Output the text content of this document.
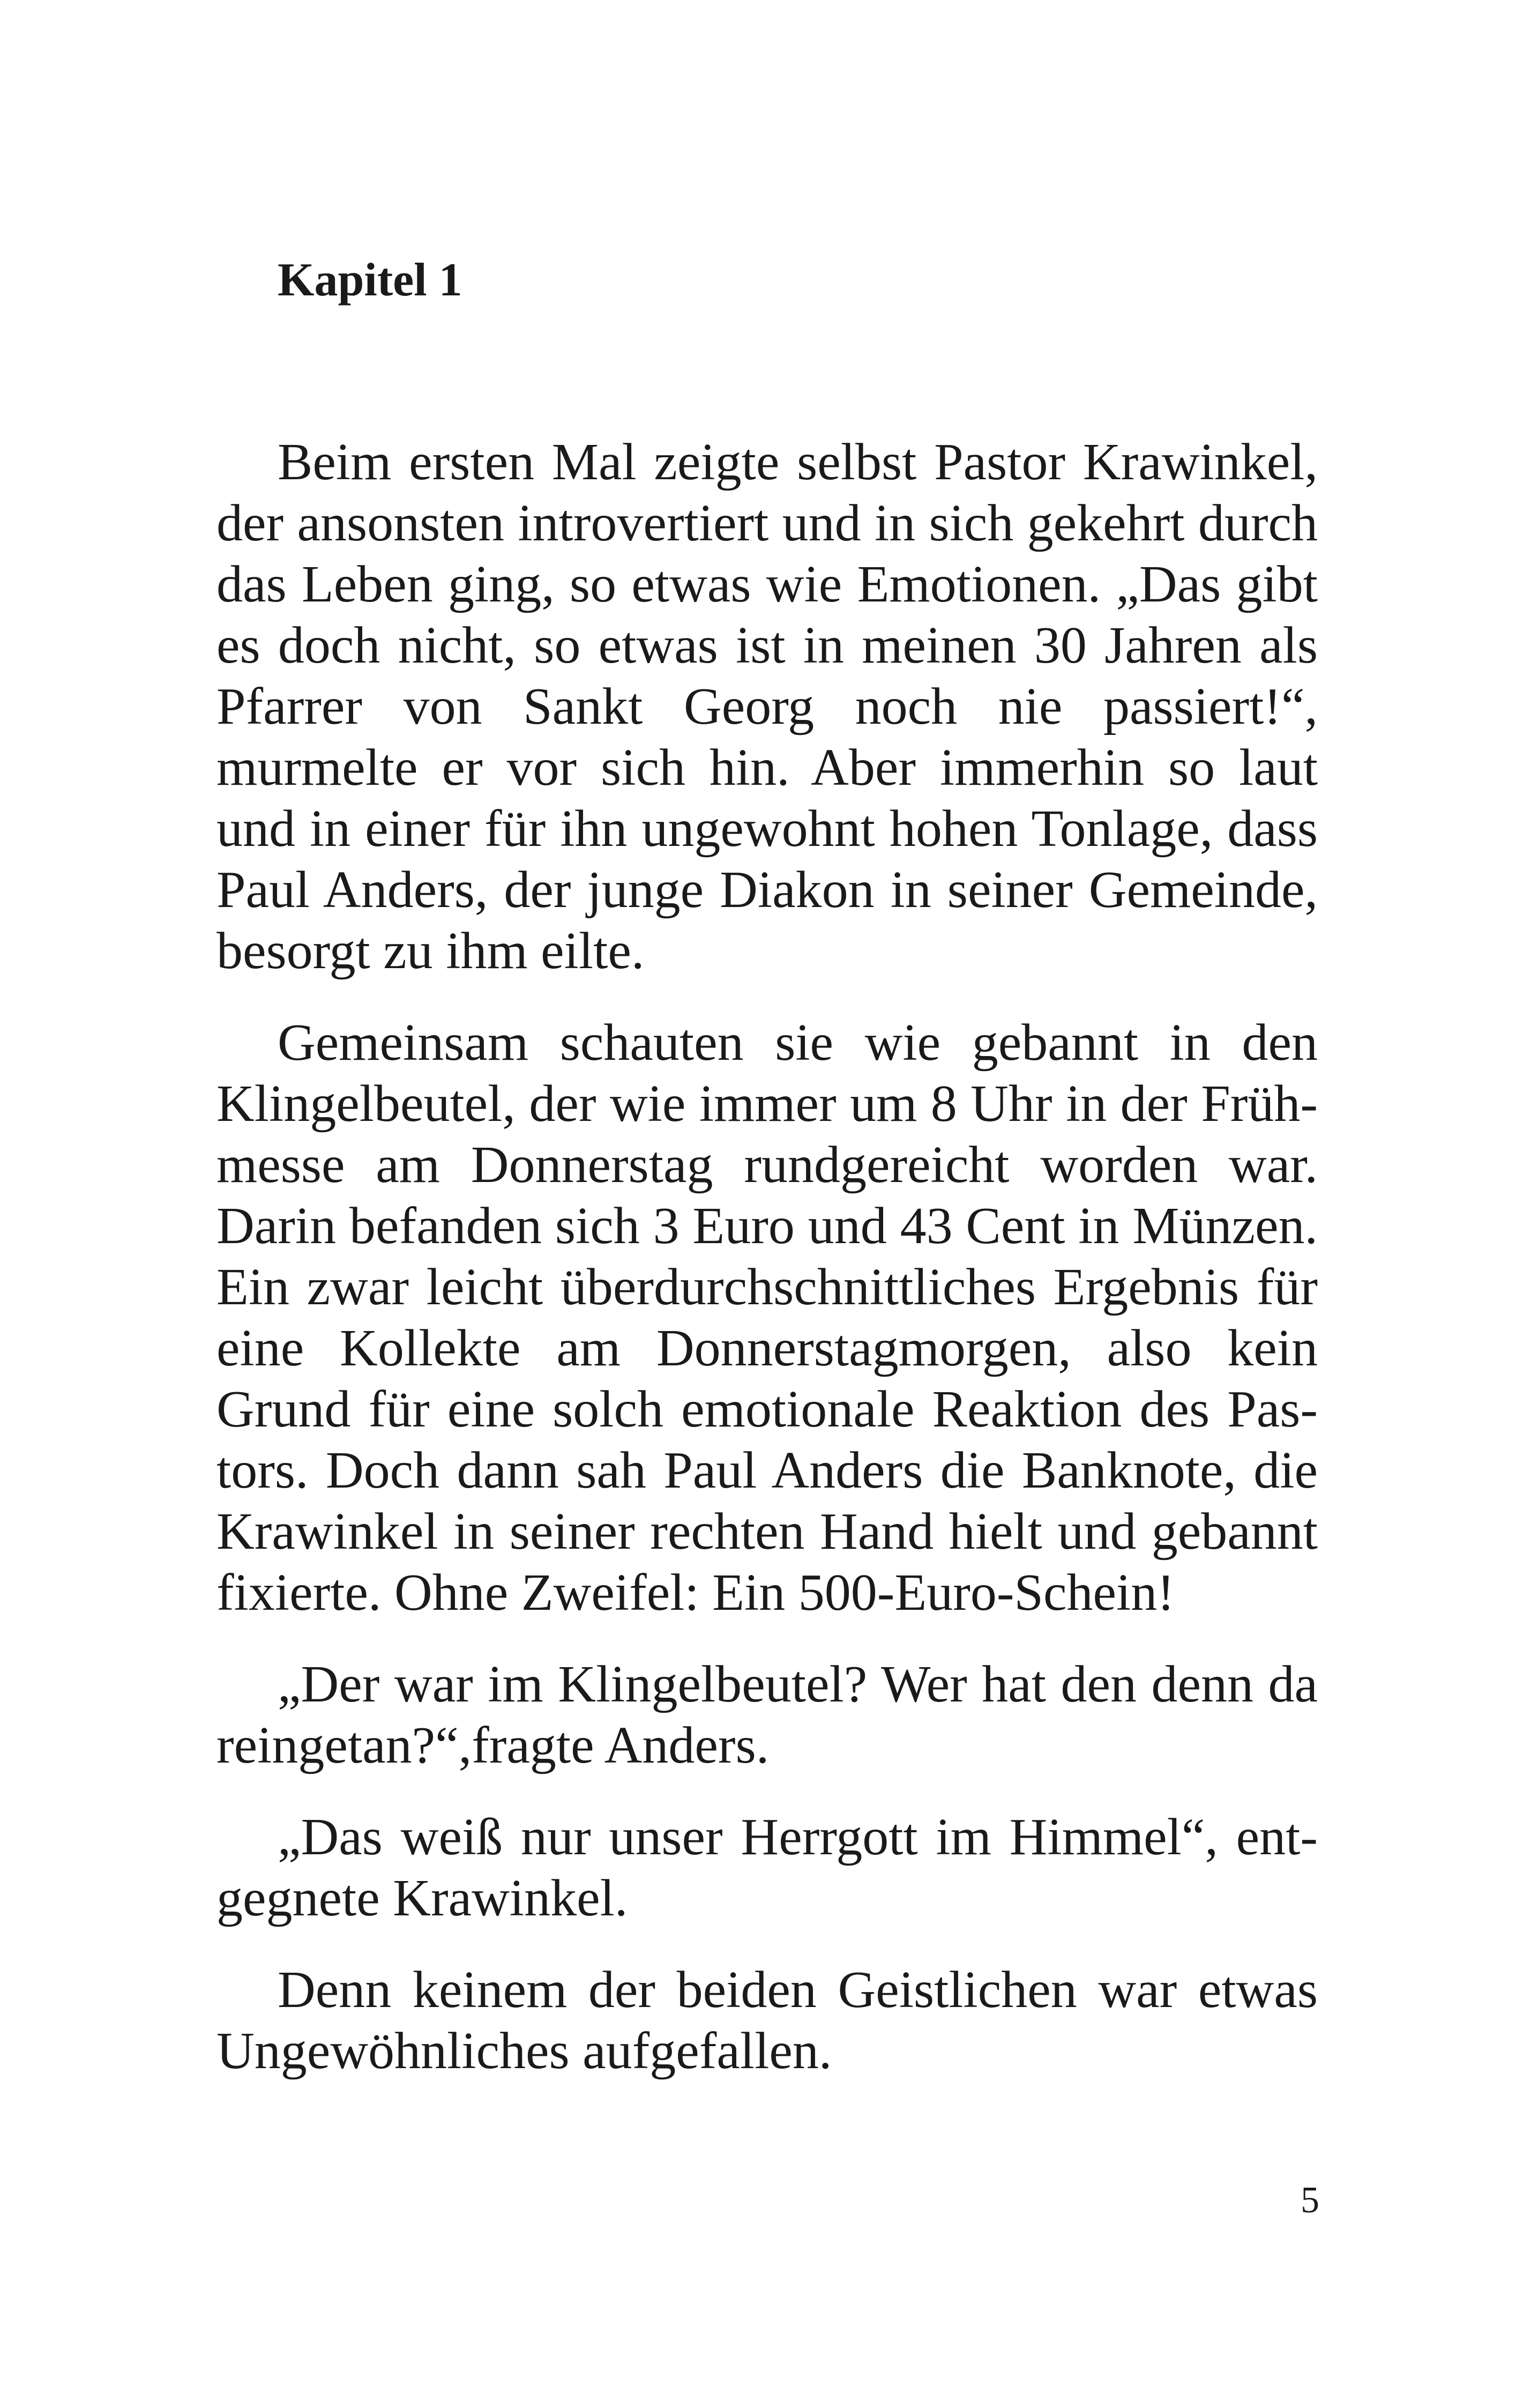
Kapitel 1

Beim ersten Mal zeigte selbst Pastor Krawinkel, der ansonsten introvertiert und in sich gekehrt durch das Leben ging, so etwas wie Emotionen. „Das gibt es doch nicht, so etwas ist in meinen 30 Jahren als Pfarrer von Sankt Georg noch nie passiert!“, murmelte er vor sich hin. Aber immerhin so laut und in einer für ihn ungewohnt hohen Tonlage, dass Paul Anders, der junge Diakon in seiner Gemeinde, besorgt zu ihm eilte.

Gemeinsam schauten sie wie gebannt in den Klingelbeutel, der wie immer um 8 Uhr in der Frühmesse am Donnerstag rundgereicht worden war. Darin befanden sich 3 Euro und 43 Cent in Münzen. Ein zwar leicht überdurchschnittliches Ergebnis für eine Kollekte am Donnerstagmorgen, also kein Grund für eine solch emotionale Reaktion des Pastors. Doch dann sah Paul Anders die Banknote, die Krawinkel in seiner rechten Hand hielt und gebannt fixierte. Ohne Zweifel: Ein 500-Euro-Schein!

„Der war im Klingelbeutel? Wer hat den denn da reingetan?“,fragte Anders.

„Das weiß nur unser Herrgott im Himmel“, entgegnete Krawinkel.

Denn keinem der beiden Geistlichen war etwas Ungewöhnliches aufgefallen.

5
